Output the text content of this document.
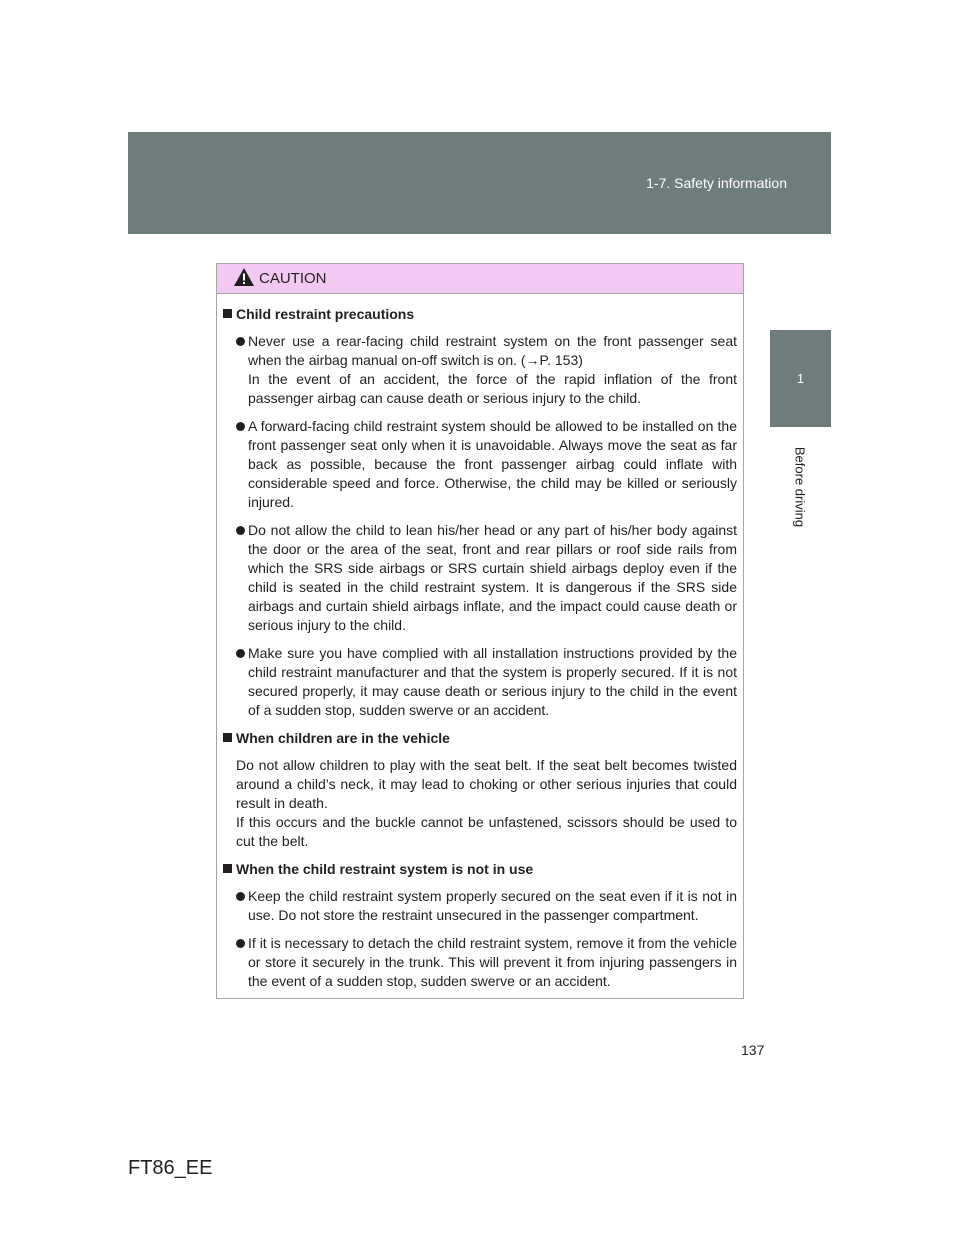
1-7. Safety information
1
Before driving
CAUTION

Child restraint precautions

Never use a rear-facing child restraint system on the front passenger seat when the airbag manual on-off switch is on. (→P. 153)

In the event of an accident, the force of the rapid inflation of the front passenger airbag can cause death or serious injury to the child.

A forward-facing child restraint system should be allowed to be installed on the front passenger seat only when it is unavoidable. Always move the seat as far back as possible, because the front passenger airbag could inflate with considerable speed and force. Otherwise, the child may be killed or seriously injured.

Do not allow the child to lean his/her head or any part of his/her body against the door or the area of the seat, front and rear pillars or roof side rails from which the SRS side airbags or SRS curtain shield airbags deploy even if the child is seated in the child restraint system. It is dangerous if the SRS side airbags and curtain shield airbags inflate, and the impact could cause death or serious injury to the child.

Make sure you have complied with all installation instructions provided by the child restraint manufacturer and that the system is properly secured. If it is not secured properly, it may cause death or serious injury to the child in the event of a sudden stop, sudden swerve or an accident.

When children are in the vehicle

Do not allow children to play with the seat belt. If the seat belt becomes twisted around a child’s neck, it may lead to choking or other serious injuries that could result in death.

If this occurs and the buckle cannot be unfastened, scissors should be used to cut the belt.

When the child restraint system is not in use

Keep the child restraint system properly secured on the seat even if it is not in use. Do not store the restraint unsecured in the passenger compartment.

If it is necessary to detach the child restraint system, remove it from the vehicle or store it securely in the trunk. This will prevent it from injuring passengers in the event of a sudden stop, sudden swerve or an accident.

137
FT86_EE
